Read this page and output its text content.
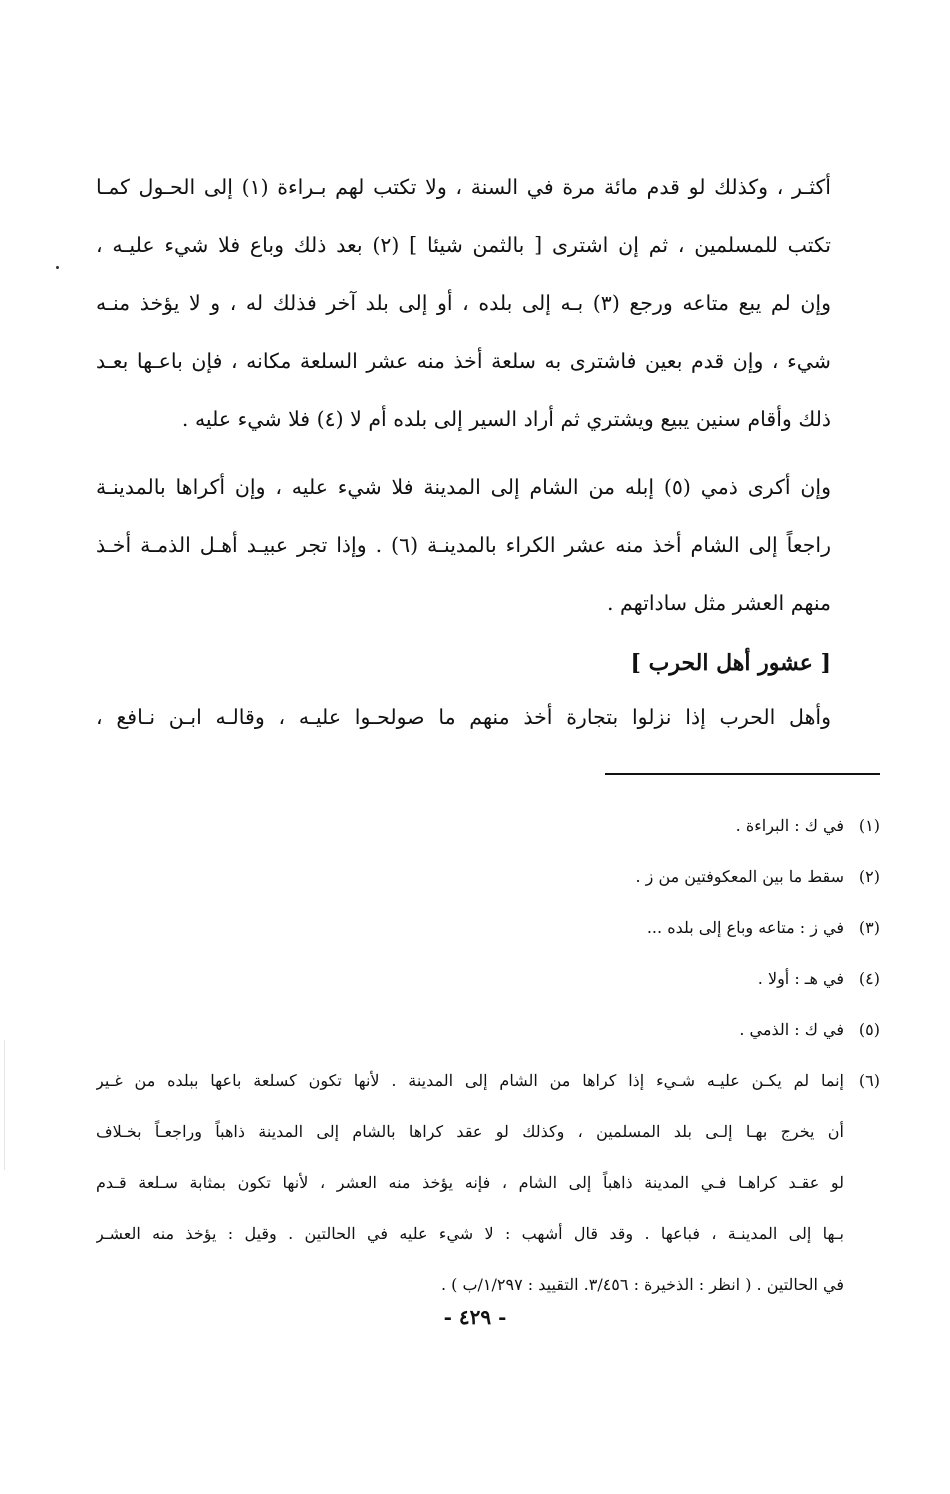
أكثـر ، وكذلك لو قدم مائة مرة في السنة ، ولا تكتب لهم بـراءة (١) إلى الحـول كمـا
تكتب للمسلمين ، ثم إن اشترى [ بالثمن شيئا ] (٢) بعد ذلك وباع فلا شيء عليـه ،
وإن لم يبع متاعه ورجع (٣) بـه إلى بلده ، أو إلى بلد آخر فذلك له ، و لا يؤخذ منـه
شيء ، وإن قدم بعين فاشترى به سلعة أخذ منه عشر السلعة مكانه ، فإن باعـها بعـد
ذلك وأقام سنين يبيع ويشتري ثم أراد السير إلى بلده أم لا (٤) فلا شيء عليه .

وإن أكرى ذمي (٥) إبله من الشام إلى المدينة فلا شيء عليه ، وإن أكراها بالمدينـة
راجعاً إلى الشام أخذ منه عشر الكراء بالمدينـة (٦) . وإذا تجر عبيـد أهـل الذمـة أخـذ
منهم العشر مثل ساداتهم .

[ عشور أهل الحرب ]

وأهل الحرب إذا نزلوا بتجارة أخذ منهم ما صولحـوا عليـه ، وقالـه ابـن نـافع ،

(١)
في ك : البراءة .
(٢)
سقط ما بين المعكوفتين من ز .
(٣)
في ز : متاعه وباع إلى بلده ...
(٤)
في هـ : أولا .
(٥)
في ك : الذمي .
(٦)
إنما لم يكـن عليـه شـيء إذا كراها من الشام إلى المدينة . لأنها تكون كسلعة باعها ببلده من غـير
أن يخرج بهـا إلـى بلد المسلمين ، وكذلك لو عقد كراها بالشام إلى المدينة ذاهباً وراجعـاً بخـلاف
لو عقـد كراهـا فـي المدينة ذاهباً إلى الشام ، فإنه يؤخذ منه العشر ، لأنها تكون بمثابة سـلعة قـدم
بـها إلى المدينـة ، فباعها . وقد قال أشهب : لا شيء عليه في الحالتين . وقيل : يؤخذ منه العشـر
في الحالتين . ( انظر : الذخيرة : ٣/٤٥٦. التقييد : ١/٢٩٧/ب ) .
- ٤٢٩ -
